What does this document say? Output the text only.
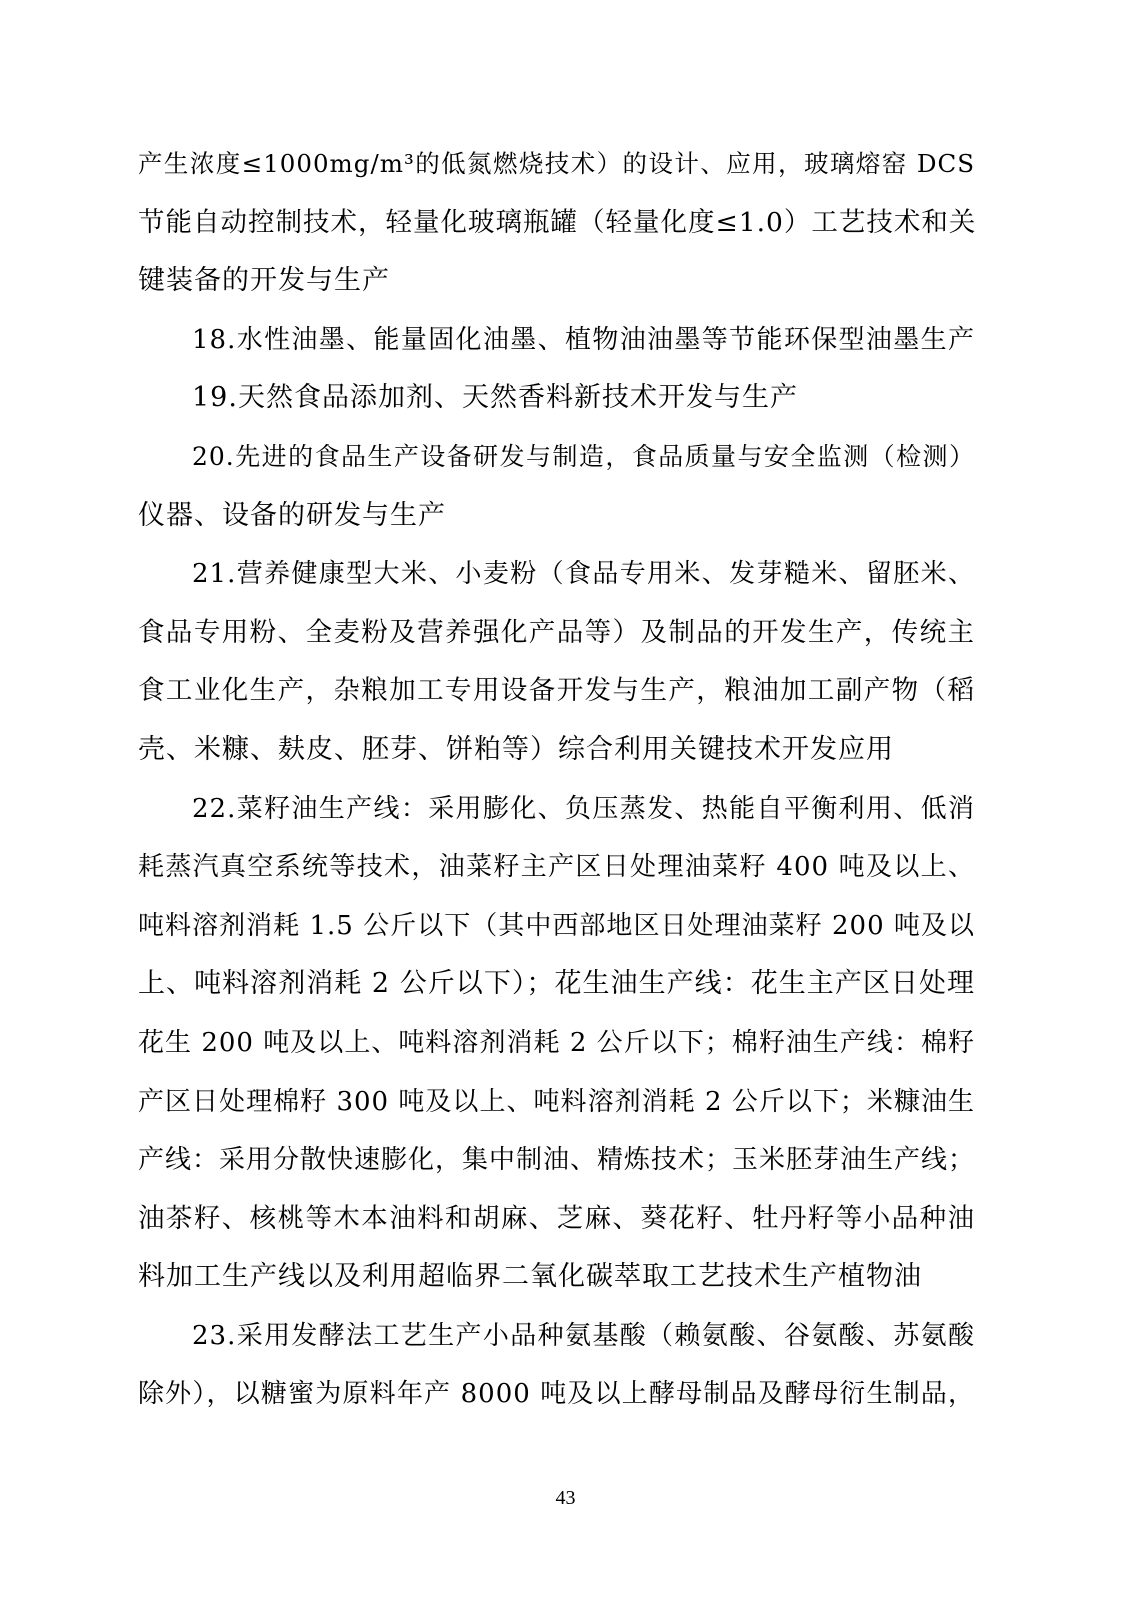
产生浓度≤1000mg/m³的低氮燃烧技术）的设计、应用，玻璃熔窑 DCS
节能自动控制技术，轻量化玻璃瓶罐（轻量化度≤1.0）工艺技术和关
键装备的开发与生产
18.水性油墨、能量固化油墨、植物油油墨等节能环保型油墨生产
19.天然食品添加剂、天然香料新技术开发与生产
20.先进的食品生产设备研发与制造，食品质量与安全监测（检测）
仪器、设备的研发与生产
21.营养健康型大米、小麦粉（食品专用米、发芽糙米、留胚米、
食品专用粉、全麦粉及营养强化产品等）及制品的开发生产，传统主
食工业化生产，杂粮加工专用设备开发与生产，粮油加工副产物（稻
壳、米糠、麸皮、胚芽、饼粕等）综合利用关键技术开发应用
22.菜籽油生产线：采用膨化、负压蒸发、热能自平衡利用、低消
耗蒸汽真空系统等技术，油菜籽主产区日处理油菜籽 400 吨及以上、
吨料溶剂消耗 1.5 公斤以下（其中西部地区日处理油菜籽 200 吨及以
上、吨料溶剂消耗 2 公斤以下）；花生油生产线：花生主产区日处理
花生 200 吨及以上、吨料溶剂消耗 2 公斤以下；棉籽油生产线：棉籽
产区日处理棉籽 300 吨及以上、吨料溶剂消耗 2 公斤以下；米糠油生
产线：采用分散快速膨化，集中制油、精炼技术；玉米胚芽油生产线；
油茶籽、核桃等木本油料和胡麻、芝麻、葵花籽、牡丹籽等小品种油
料加工生产线以及利用超临界二氧化碳萃取工艺技术生产植物油
23.采用发酵法工艺生产小品种氨基酸（赖氨酸、谷氨酸、苏氨酸
除外），以糖蜜为原料年产 8000 吨及以上酵母制品及酵母衍生制品，
43
